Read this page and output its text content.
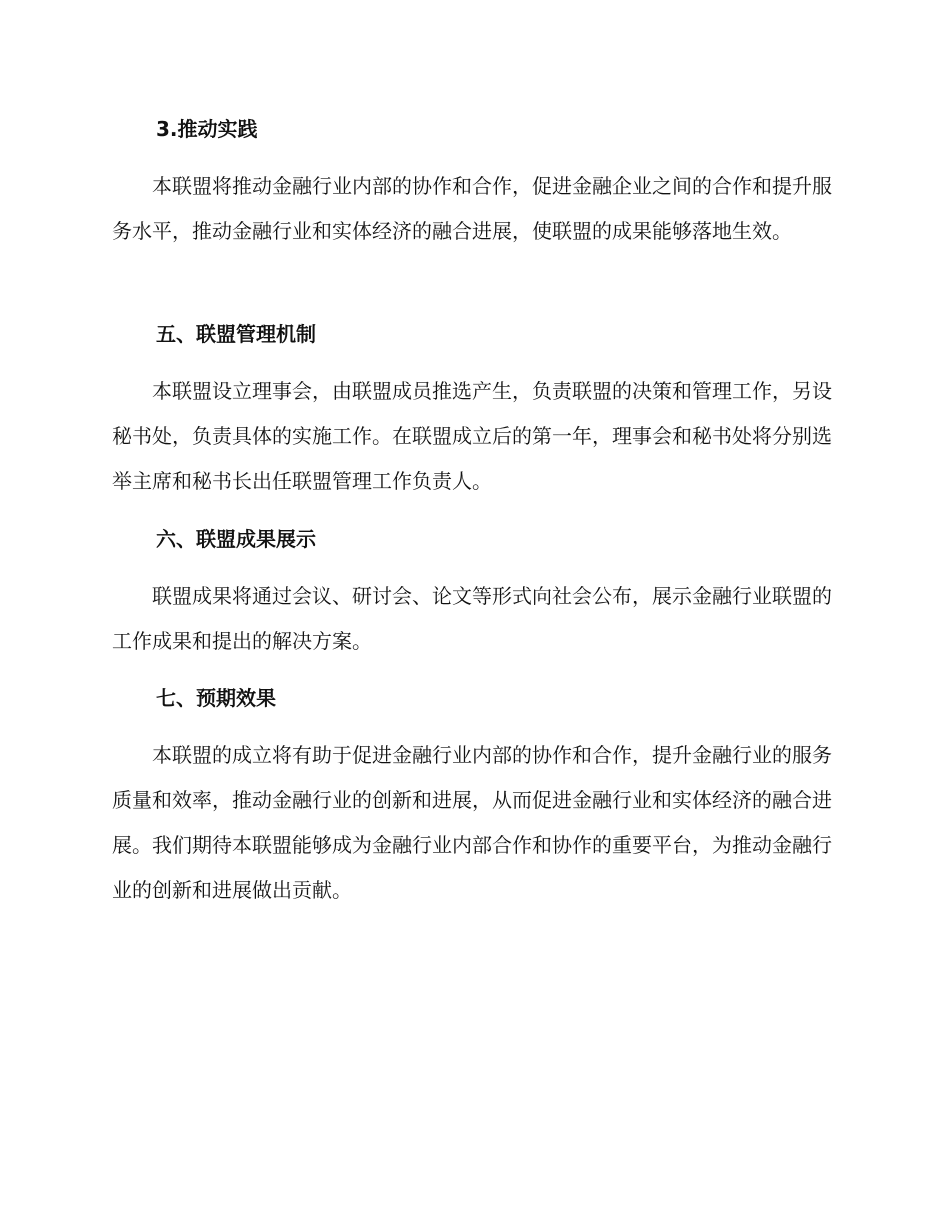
3.推动实践
本联盟将推动金融行业内部的协作和合作，促进金融企业之间的合作和提升服务水平，推动金融行业和实体经济的融合进展，使联盟的成果能够落地生效。
五、联盟管理机制
本联盟设立理事会，由联盟成员推选产生，负责联盟的决策和管理工作，另设秘书处，负责具体的实施工作。在联盟成立后的第一年，理事会和秘书处将分别选举主席和秘书长出任联盟管理工作负责人。
六、联盟成果展示
联盟成果将通过会议、研讨会、论文等形式向社会公布，展示金融行业联盟的工作成果和提出的解决方案。
七、预期效果
本联盟的成立将有助于促进金融行业内部的协作和合作，提升金融行业的服务质量和效率，推动金融行业的创新和进展，从而促进金融行业和实体经济的融合进展。我们期待本联盟能够成为金融行业内部合作和协作的重要平台，为推动金融行业的创新和进展做出贡献。
